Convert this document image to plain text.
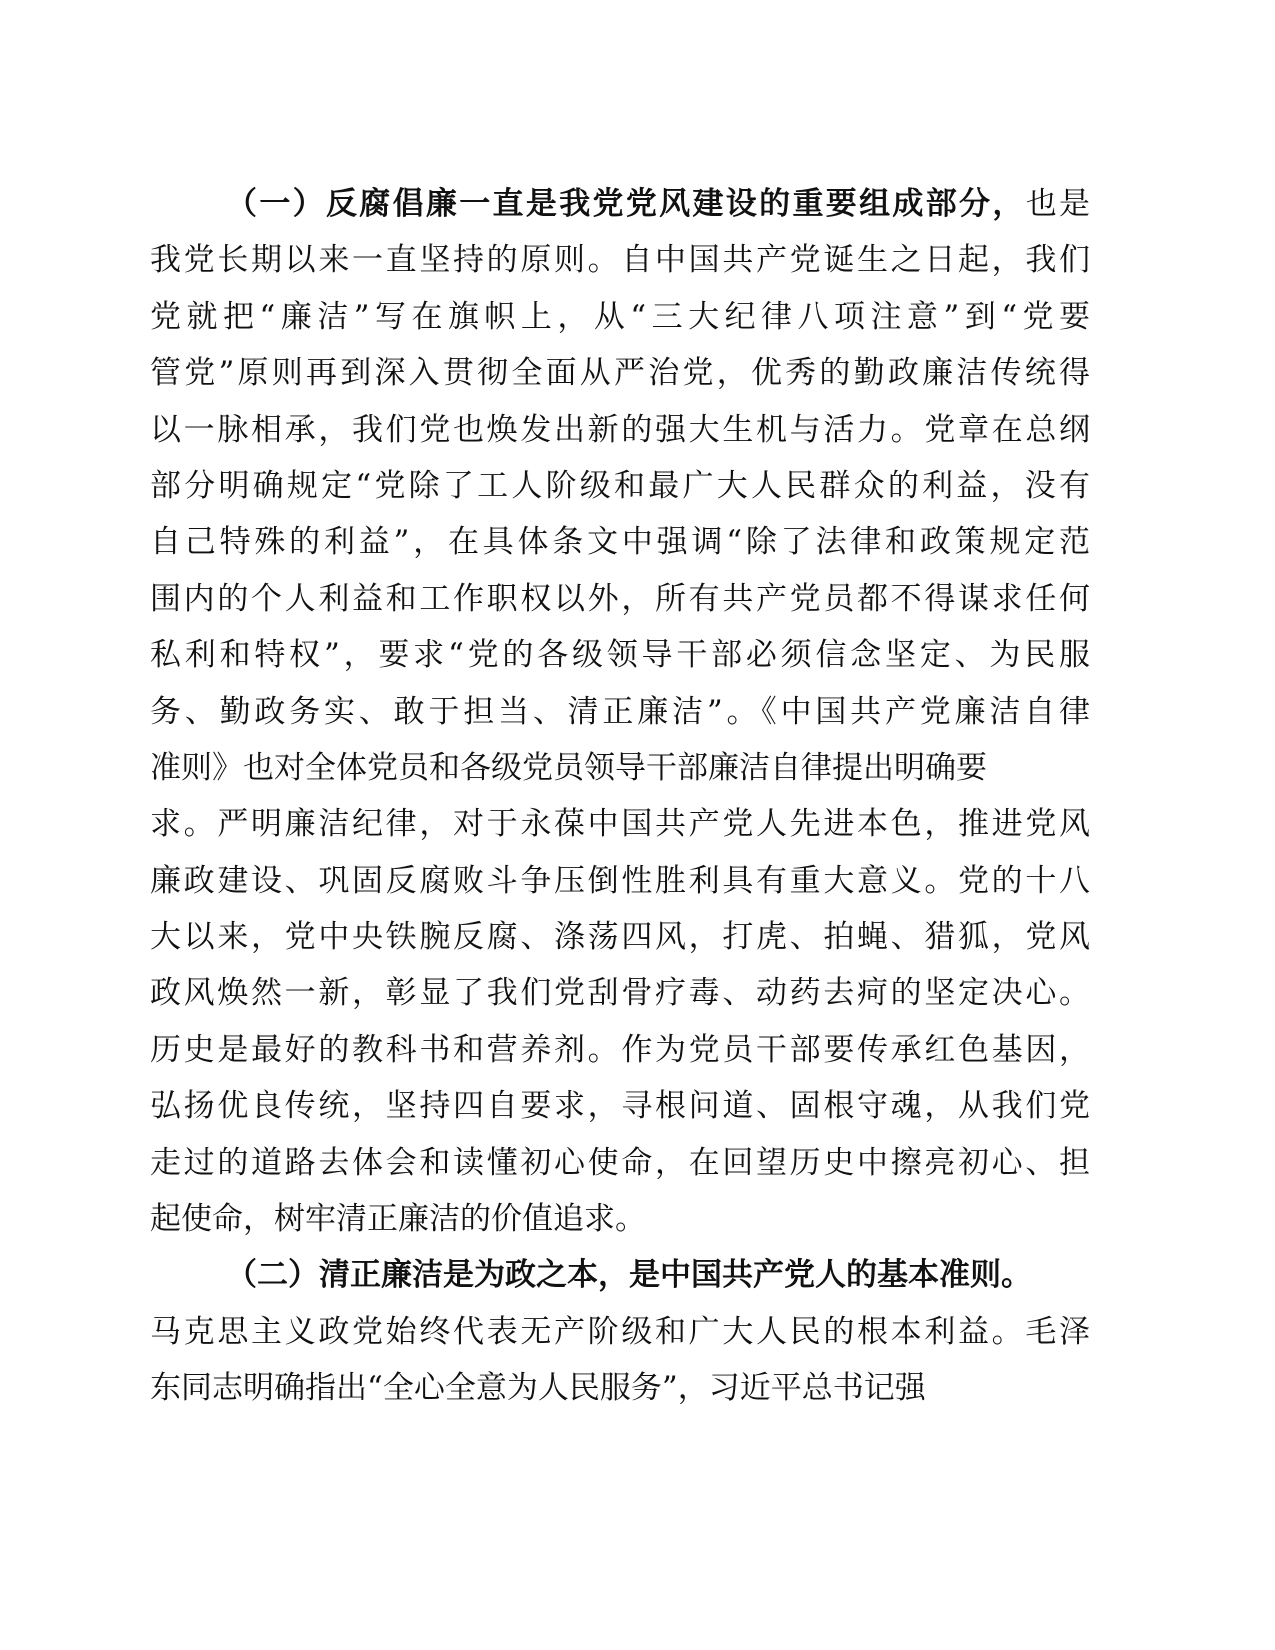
（一）反腐倡廉一直是我党党风建设的重要组成部分，也是
我党长期以来一直坚持的原则。自中国共产党诞生之日起，我们
党就把“廉洁”写在旗帜上，从“三大纪律八项注意”到“党要
管党”原则再到深入贯彻全面从严治党，优秀的勤政廉洁传统得
以一脉相承，我们党也焕发出新的强大生机与活力。党章在总纲
部分明确规定“党除了工人阶级和最广大人民群众的利益，没有
自己特殊的利益”，在具体条文中强调“除了法律和政策规定范
围内的个人利益和工作职权以外，所有共产党员都不得谋求任何
私利和特权”，要求“党的各级领导干部必须信念坚定、为民服
务、勤政务实、敢于担当、清正廉洁”。《中国共产党廉洁自律
准则》也对全体党员和各级党员领导干部廉洁自律提出明确要
求。严明廉洁纪律，对于永葆中国共产党人先进本色，推进党风
廉政建设、巩固反腐败斗争压倒性胜利具有重大意义。党的十八
大以来，党中央铁腕反腐、涤荡四风，打虎、拍蝇、猎狐，党风
政风焕然一新，彰显了我们党刮骨疗毒、动药去疴的坚定决心。
历史是最好的教科书和营养剂。作为党员干部要传承红色基因，
弘扬优良传统，坚持四自要求，寻根问道、固根守魂，从我们党
走过的道路去体会和读懂初心使命，在回望历史中擦亮初心、担
起使命，树牢清正廉洁的价值追求。
（二）清正廉洁是为政之本，是中国共产党人的基本准则。
马克思主义政党始终代表无产阶级和广大人民的根本利益。毛泽
东同志明确指出“全心全意为人民服务”，习近平总书记强
